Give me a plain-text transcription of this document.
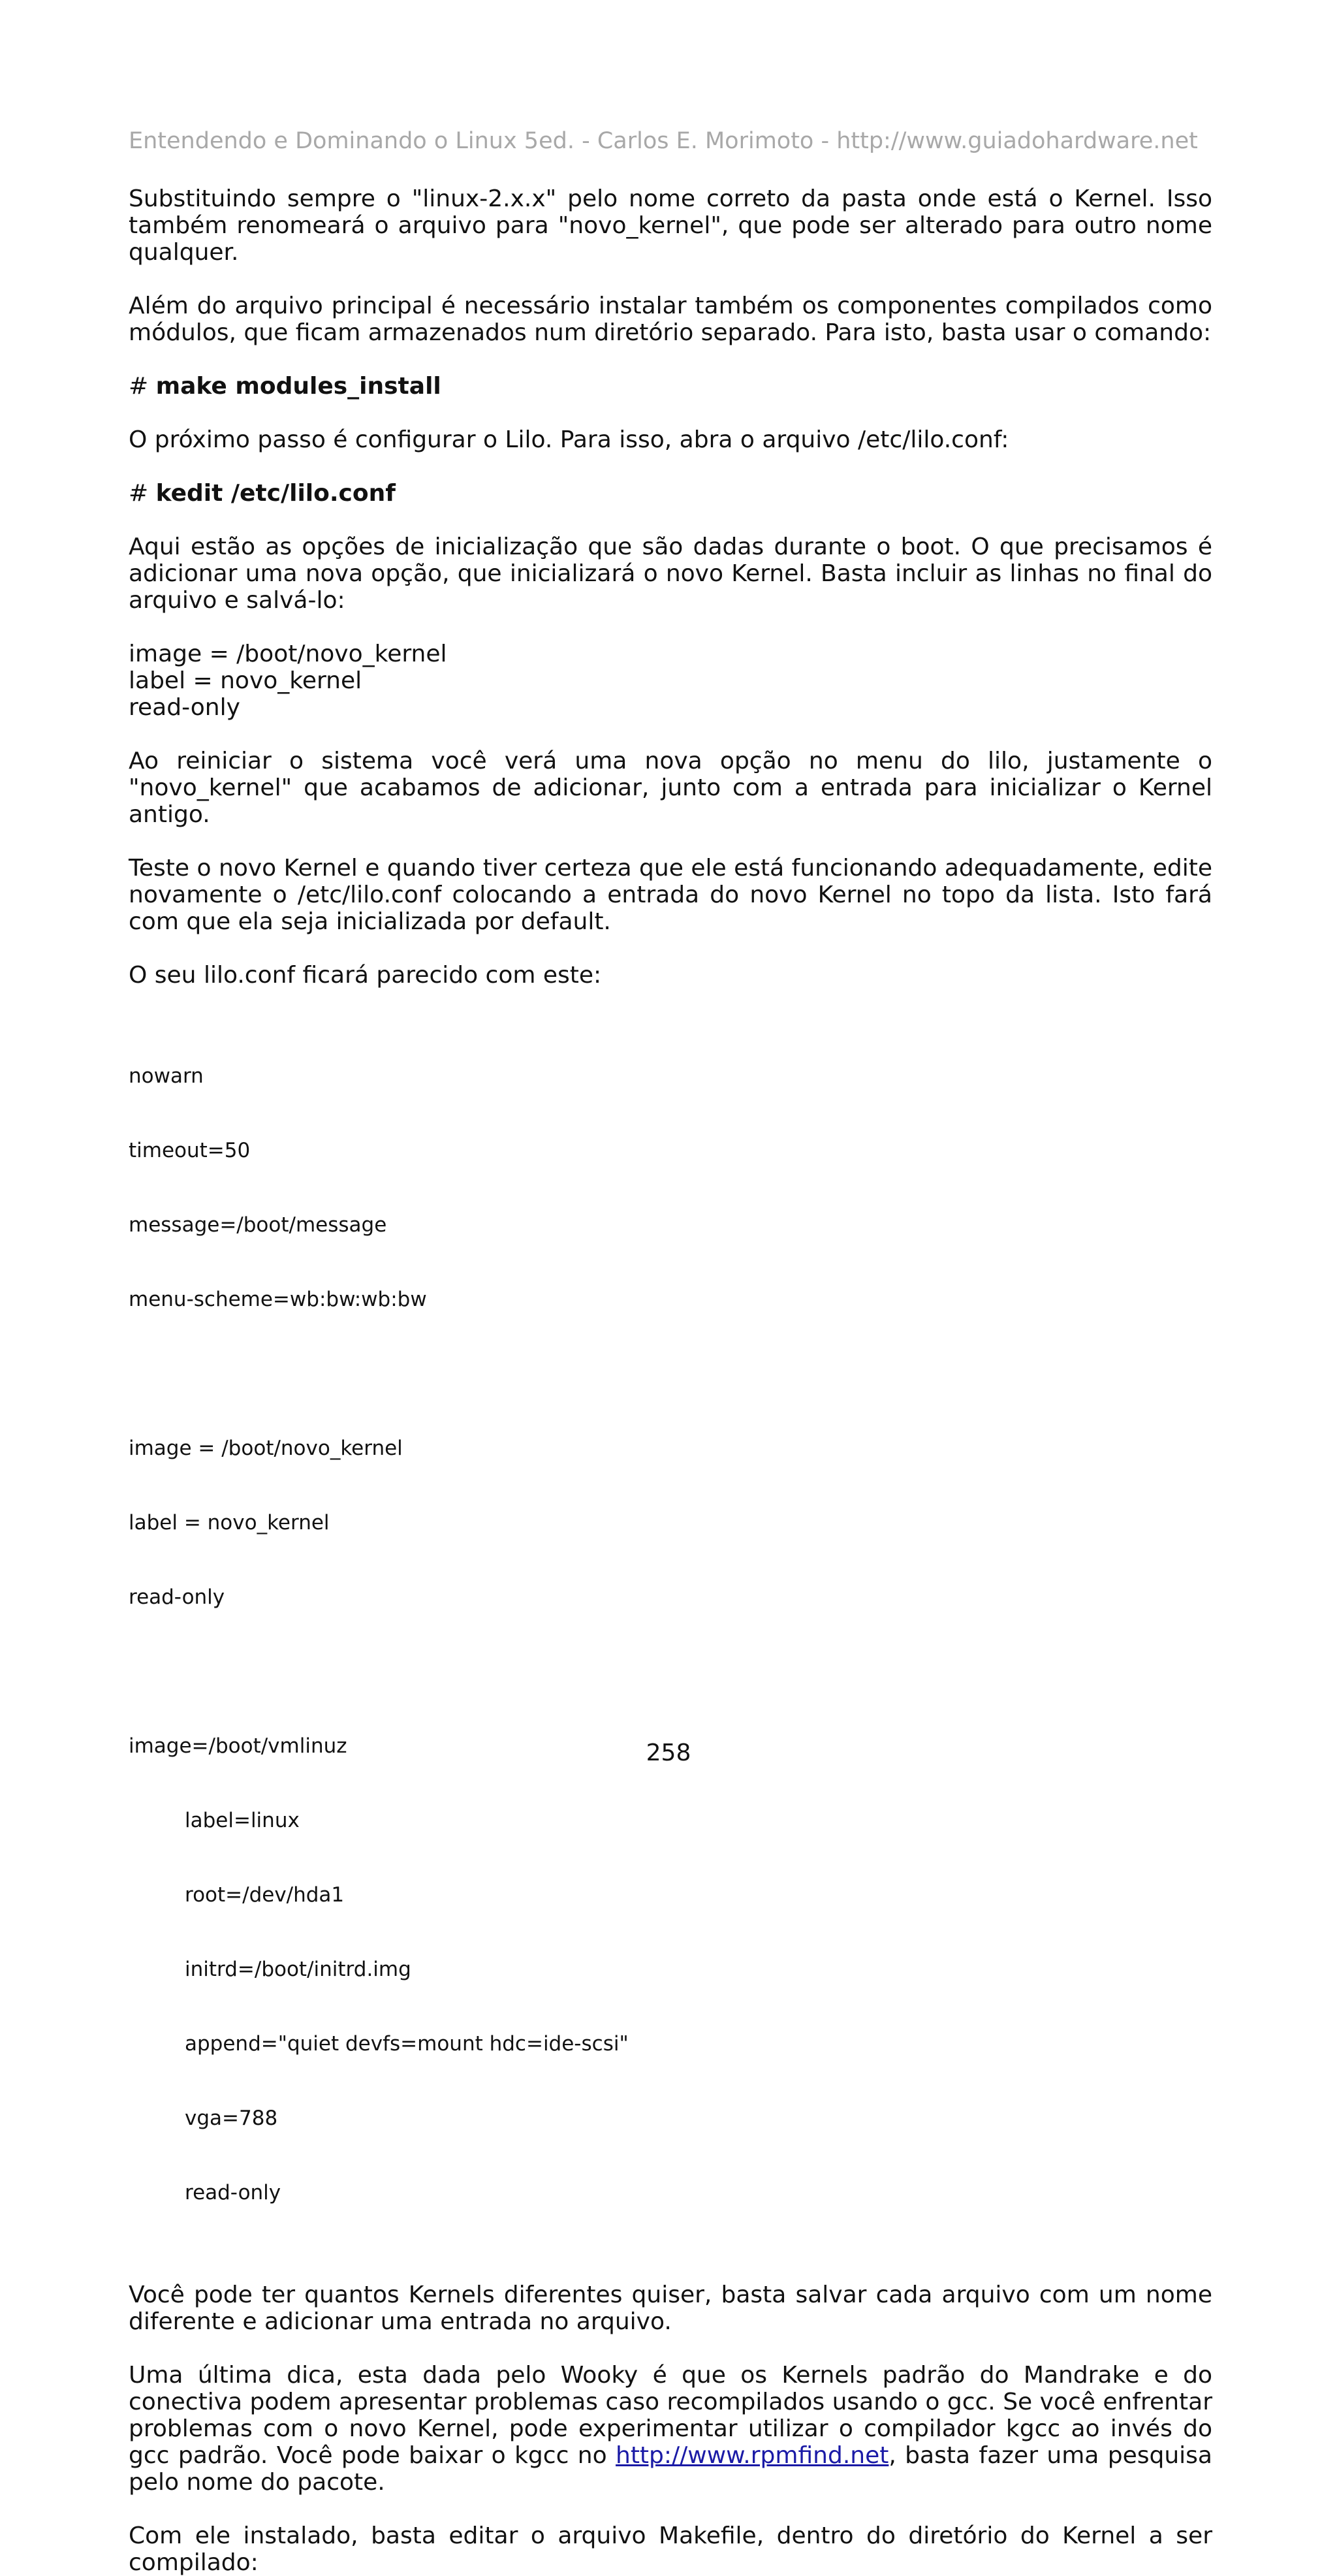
Entendendo e Dominando o Linux 5ed. - Carlos E. Morimoto - http://www.guiadohardware.net

Substituindo sempre o "linux-2.x.x" pelo nome correto da pasta onde está o Kernel. Isso também renomeará o arquivo para "novo_kernel", que pode ser alterado para outro nome qualquer.

Além do arquivo principal é necessário instalar também os componentes compilados como módulos, que ficam armazenados num diretório separado. Para isto, basta usar o comando:

# make modules_install

O próximo passo é configurar o Lilo. Para isso, abra o arquivo /etc/lilo.conf:

# kedit /etc/lilo.conf

Aqui estão as opções de inicialização que são dadas durante o boot. O que precisamos é adicionar uma nova opção, que inicializará o novo Kernel. Basta incluir as linhas no final do arquivo e salvá-lo:

image = /boot/novo_kernel
label = novo_kernel
read-only

Ao reiniciar o sistema você verá uma nova opção no menu do lilo, justamente o "novo_kernel" que acabamos de adicionar, junto com a entrada para inicializar o Kernel antigo.

Teste o novo Kernel e quando tiver certeza que ele está funcionando adequadamente, edite novamente o /etc/lilo.conf colocando a entrada do novo Kernel no topo da lista. Isto fará com que ela seja inicializada por default.

O seu lilo.conf ficará parecido com este:

nowarn

timeout=50

message=/boot/message

menu-scheme=wb:bw:wb:bw

image = /boot/novo_kernel

label = novo_kernel

read-only

image=/boot/vmlinuz

label=linux

root=/dev/hda1

initrd=/boot/initrd.img

append="quiet devfs=mount hdc=ide-scsi"

vga=788

read-only

Você pode ter quantos Kernels diferentes quiser, basta salvar cada arquivo com um nome diferente e adicionar uma entrada no arquivo.

Uma última dica, esta dada pelo Wooky é que os Kernels padrão do Mandrake e do conectiva podem apresentar problemas caso recompilados usando o gcc. Se você enfrentar problemas com o novo Kernel, pode experimentar utilizar o compilador kgcc ao invés do gcc padrão. Você pode baixar o kgcc no http://www.rpmfind.net, basta fazer uma pesquisa pelo nome do pacote.

Com ele instalado, basta editar o arquivo Makefile, dentro do diretório do Kernel a ser compilado:

258
